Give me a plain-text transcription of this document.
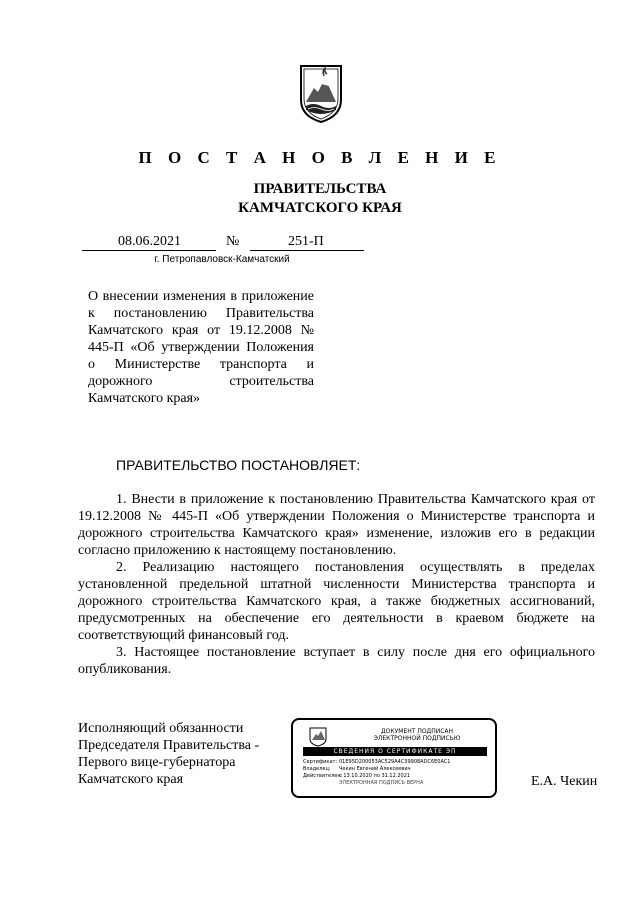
П О С Т А Н О В Л Е Н И Е
ПРАВИТЕЛЬСТВА
КАМЧАТСКОГО КРАЯ
08.06.2021	№	251-П
г. Петропавловск-Камчатский
О внесении изменения в приложение к постановлению Правительства Камчатского края от 19.12.2008 № 445-П «Об утверждении Положения о Министерстве транспорта и дорожного строительства Камчатского края»
ПРАВИТЕЛЬСТВО ПОСТАНОВЛЯЕТ:

1. Внести в приложение к постановлению Правительства Камчатского края от 19.12.2008 № 445-П «Об утверждении Положения о Министерстве транспорта и дорожного строительства Камчатского края» изменение, изложив его в редакции согласно приложению к настоящему постановлению.

2. Реализацию настоящего постановления осуществлять в пределах установленной предельной штатной численности Министерства транспорта и дорожного строительства Камчатского края, а также бюджетных ассигнований, предусмотренных на обеспечение его деятельности в краевом бюджете на соответствующий финансовый год.

3. Настоящее постановление вступает в силу после дня его официального опубликования.

Исполняющий обязанности
Председателя Правительства -
Первого вице-губернатора
Камчатского края
ДОКУМЕНТ ПОДПИСАН
ЭЛЕКТРОННОЙ ПОДПИСЬЮ
СВЕДЕНИЯ О СЕРТИФИКАТЕ ЭП
Сертификат: 01E95D200053AC529A4C39908ADC6E0AC1
Владелец: Чекин Евгений Алексеевич
Действителен:с 13.10.2020 по 31.12.2021
ЭЛЕКТРОННАЯ ПОДПИСЬ ВЕРНА	Е.А. Чекин
